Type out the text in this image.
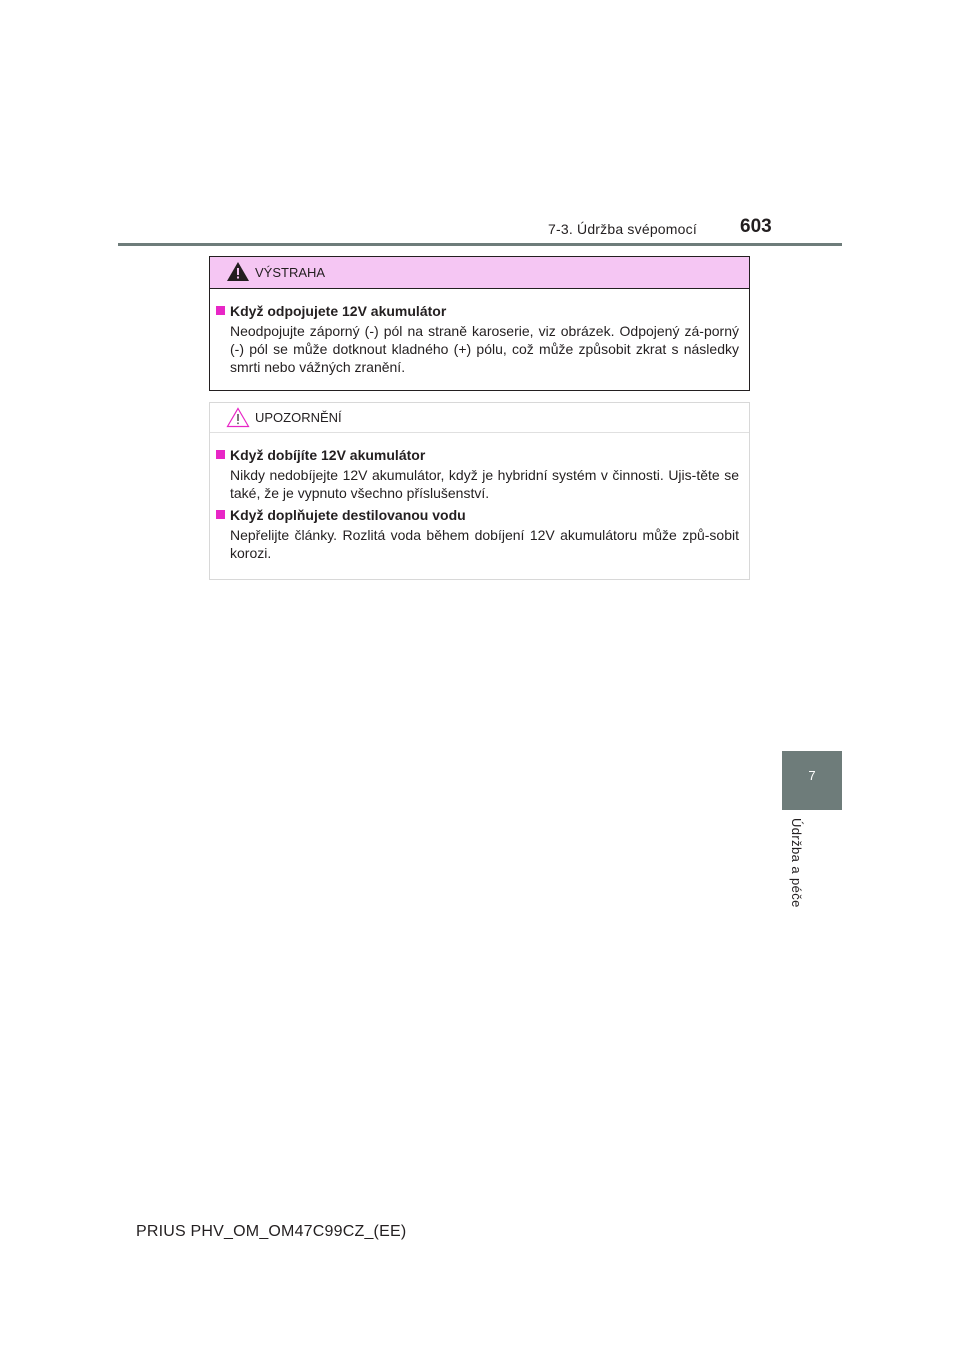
7-3. Údržba svépomocí 603
7
Údržba a péče
VÝSTRAHA
Když odpojujete 12V akumulátor
Neodpojujte záporný (-) pól na straně karoserie, viz obrázek. Odpojený zá-porný (-) pól se může dotknout kladného (+) pólu, což může způsobit zkrat s následky smrti nebo vážných zranění.
UPOZORNĚNÍ
Když dobíjíte 12V akumulátor
Nikdy nedobíjejte 12V akumulátor, když je hybridní systém v činnosti. Ujis-těte se také, že je vypnuto všechno příslušenství.
Když doplňujete destilovanou vodu
Nepřelijte články. Rozlitá voda během dobíjení 12V akumulátoru může způ-sobit korozi.
PRIUS PHV_OM_OM47C99CZ_(EE)
